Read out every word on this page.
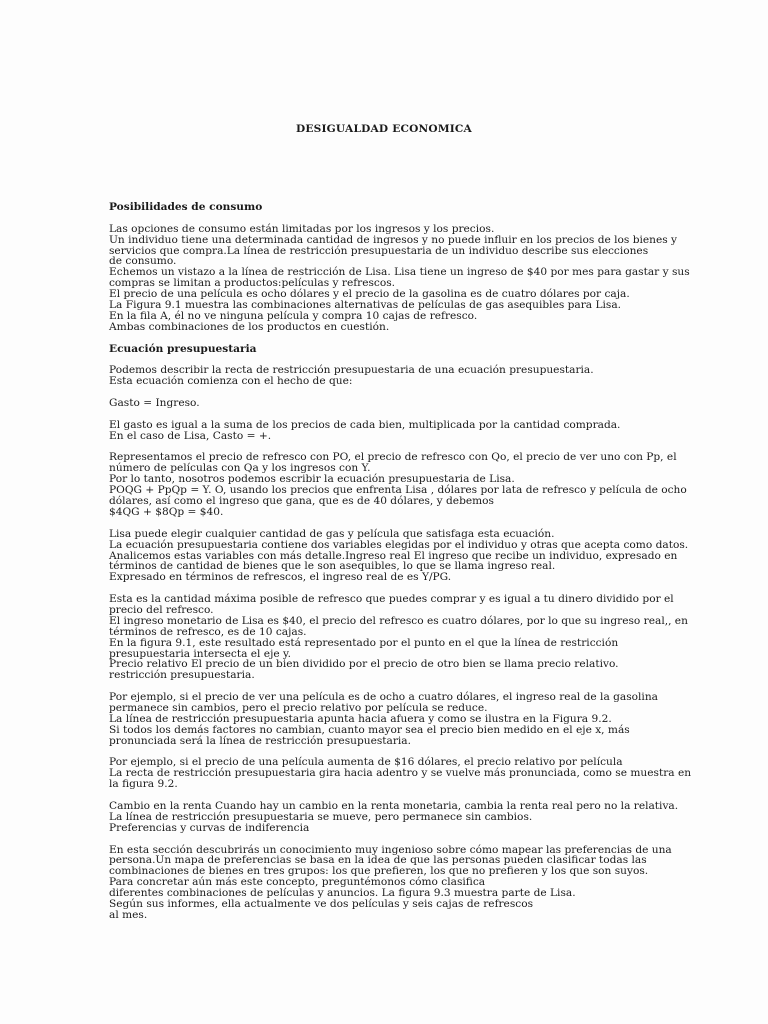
DESIGUALDAD ECONOMICA
Posibilidades de consumo
Las opciones de consumo están limitadas por los ingresos y los precios.
Un individuo tiene una determinada cantidad de ingresos y no puede influir en los precios de los bienes y
servicios que compra.La línea de restricción presupuestaria de un individuo describe sus elecciones
de consumo.
Echemos un vistazo a la línea de restricción de Lisa. Lisa tiene un ingreso de $40 por mes para gastar y sus
compras se limitan a productos:películas y refrescos.
El precio de una película es ocho dólares y el precio de la gasolina es de cuatro dólares por caja.
La Figura 9.1 muestra las combinaciones alternativas de películas de gas asequibles para Lisa.
En la fila A, él no ve ninguna película y compra 10 cajas de refresco.
Ambas combinaciones de los productos en cuestión.
Ecuación presupuestaria
Podemos describir la recta de restricción presupuestaria de una ecuación presupuestaria.
Esta ecuación comienza con el hecho de que:
Gasto = Ingreso.
El gasto es igual a la suma de los precios de cada bien, multiplicada por la cantidad comprada.
En el caso de Lisa, Casto = +.
Representamos el precio de refresco con PO, el precio de refresco con Qo, el precio de ver uno con Pp, el
número de películas con Qa y los ingresos con Y.
Por lo tanto, nosotros podemos escribir la ecuación presupuestaria de Lisa.
POQG + PpQp = Y. O, usando los precios que enfrenta Lisa , dólares por lata de refresco y película de ocho
dólares, así como el ingreso que gana, que es de 40 dólares, y debemos
$4QG + $8Qp = $40.
Lisa puede elegir cualquier cantidad de gas y película que satisfaga esta ecuación.
La ecuación presupuestaria contiene dos variables elegidas por el individuo y otras que acepta como datos.
Analicemos estas variables con más detalle.Ingreso real El ingreso que recibe un individuo, expresado en
términos de cantidad de bienes que le son asequibles, lo que se llama ingreso real.
Expresado en términos de refrescos, el ingreso real de es Y/PG.
Esta es la cantidad máxima posible de refresco que puedes comprar y es igual a tu dinero dividido por el
precio del refresco.
El ingreso monetario de Lisa es $40, el precio del refresco es cuatro dólares, por lo que su ingreso real,, en
términos de refresco, es de 10 cajas.
En la figura 9.1, este resultado está representado por el punto en el que la línea de restricción
presupuestaria intersecta el eje y.
Precio relativo El precio de un bien dividido por el precio de otro bien se llama precio relativo.
restricción presupuestaria.
Por ejemplo, si el precio de ver una película es de ocho a cuatro dólares, el ingreso real de la gasolina
permanece sin cambios, pero el precio relativo por película se reduce.
La línea de restricción presupuestaria apunta hacia afuera y como se ilustra en la Figura 9.2.
Si todos los demás factores no cambian, cuanto mayor sea el precio bien medido en el eje x, más
pronunciada será la línea de restricción presupuestaria.
Por ejemplo, si el precio de una película aumenta de $16 dólares, el precio relativo por película
La recta de restricción presupuestaria gira hacia adentro y se vuelve más pronunciada, como se muestra en
la figura 9.2.
Cambio en la renta Cuando hay un cambio en la renta monetaria, cambia la renta real pero no la relativa.
La línea de restricción presupuestaria se mueve, pero permanece sin cambios.
Preferencias y curvas de indiferencia
En esta sección descubrirás un conocimiento muy ingenioso sobre cómo mapear las preferencias de una
persona.Un mapa de preferencias se basa en la idea de que las personas pueden clasificar todas las
combinaciones de bienes en tres grupos: los que prefieren, los que no prefieren y los que son suyos.
Para concretar aún más este concepto, preguntémonos cómo clasifica
diferentes combinaciones de películas y anuncios. La figura 9.3 muestra parte de Lisa.
Según sus informes, ella actualmente ve dos películas y seis cajas de refrescos
al mes.
